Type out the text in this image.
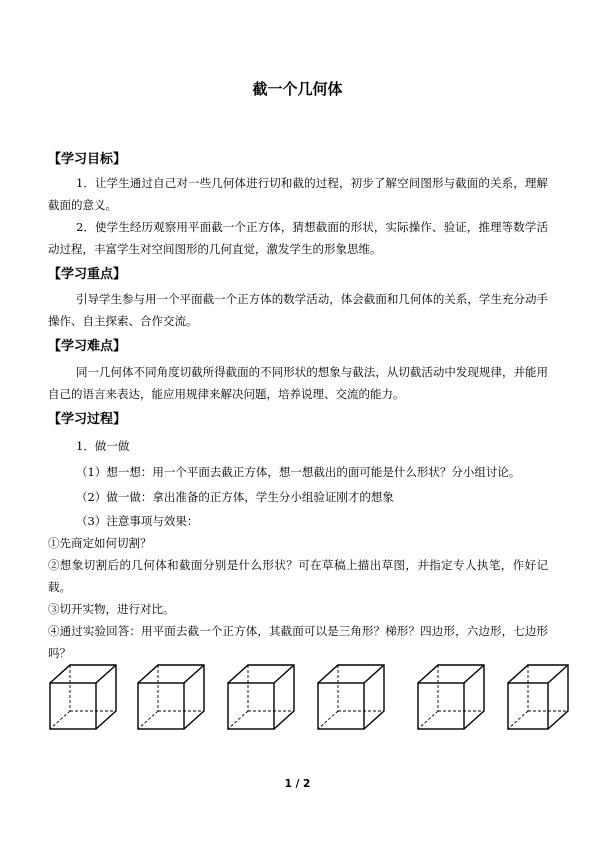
截一个几何体
【学习目标】

1．让学生通过自己对一些几何体进行切和截的过程，初步了解空间图形与截面的关系，理解截面的意义。

2．使学生经历观察用平面截一个正方体，猜想截面的形状，实际操作、验证，推理等数学活动过程，丰富学生对空间图形的几何直觉，激发学生的形象思维。

【学习重点】

引导学生参与用一个平面截一个正方体的数学活动，体会截面和几何体的关系，学生充分动手操作、自主探索、合作交流。

【学习难点】

同一几何体不同角度切截所得截面的不同形状的想象与截法，从切截活动中发现规律，并能用自己的语言来表达，能应用规律来解决问题，培养说理、交流的能力。

【学习过程】
1．做一做
（1）想一想：用一个平面去截正方体，想一想截出的面可能是什么形状？分小组讨论。
（2）做一做：拿出准备的正方体，学生分小组验证刚才的想象
（3）注意事项与效果：
①先商定如何切割？

②想象切割后的几何体和截面分别是什么形状？可在草稿上描出草图，并指定专人执笔，作好记载。

③切开实物，进行对比。

④通过实验回答：用平面去截一个正方体，其截面可以是三角形？梯形？四边形，六边形，七边形吗？

1 / 2
